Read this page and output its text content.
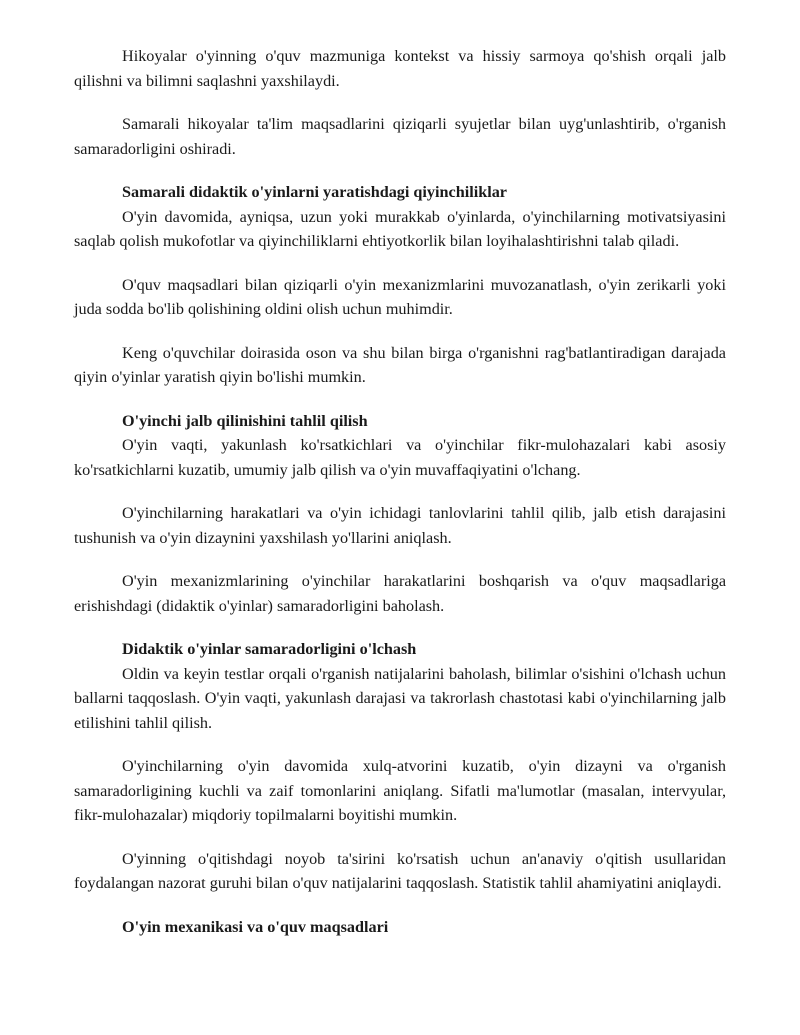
Hikoyalar o'yinning o'quv mazmuniga kontekst va hissiy sarmoya qo'shish orqali jalb qilishni va bilimni saqlashni yaxshilaydi.

Samarali hikoyalar ta'lim maqsadlarini qiziqarli syujetlar bilan uyg'unlashtirib, o'rganish samaradorligini oshiradi.

Samarali didaktik o'yinlarni yaratishdagi qiyinchiliklar

O'yin davomida, ayniqsa, uzun yoki murakkab o'yinlarda, o'yinchilarning motivatsiyasini saqlab qolish mukofotlar va qiyinchiliklarni ehtiyotkorlik bilan loyihalashtirishni talab qiladi.

O'quv maqsadlari bilan qiziqarli o'yin mexanizmlarini muvozanatlash, o'yin zerikarli yoki juda sodda bo'lib qolishining oldini olish uchun muhimdir.

Keng o'quvchilar doirasida oson va shu bilan birga o'rganishni rag'batlantiradigan darajada qiyin o'yinlar yaratish qiyin bo'lishi mumkin.

O'yinchi jalb qilinishini tahlil qilish

O'yin vaqti, yakunlash ko'rsatkichlari va o'yinchilar fikr-mulohazalari kabi asosiy ko'rsatkichlarni kuzatib, umumiy jalb qilish va o'yin muvaffaqiyatini o'lchang.

O'yinchilarning harakatlari va o'yin ichidagi tanlovlarini tahlil qilib, jalb etish darajasini tushunish va o'yin dizaynini yaxshilash yo'llarini aniqlash.

O'yin mexanizmlarining o'yinchilar harakatlarini boshqarish va o'quv maqsadlariga erishishdagi (didaktik o'yinlar) samaradorligini baholash.

Didaktik o'yinlar samaradorligini o'lchash

Oldin va keyin testlar orqali o'rganish natijalarini baholash, bilimlar o'sishini o'lchash uchun ballarni taqqoslash. O'yin vaqti, yakunlash darajasi va takrorlash chastotasi kabi o'yinchilarning jalb etilishini tahlil qilish.

O'yinchilarning o'yin davomida xulq-atvorini kuzatib, o'yin dizayni va o'rganish samaradorligining kuchli va zaif tomonlarini aniqlang. Sifatli ma'lumotlar (masalan, intervyular, fikr-mulohazalar) miqdoriy topilmalarni boyitishi mumkin.

O'yinning o'qitishdagi noyob ta'sirini ko'rsatish uchun an'anaviy o'qitish usullaridan foydalangan nazorat guruhi bilan o'quv natijalarini taqqoslash. Statistik tahlil ahamiyatini aniqlaydi.

O'yin mexanikasi va o'quv maqsadlari
